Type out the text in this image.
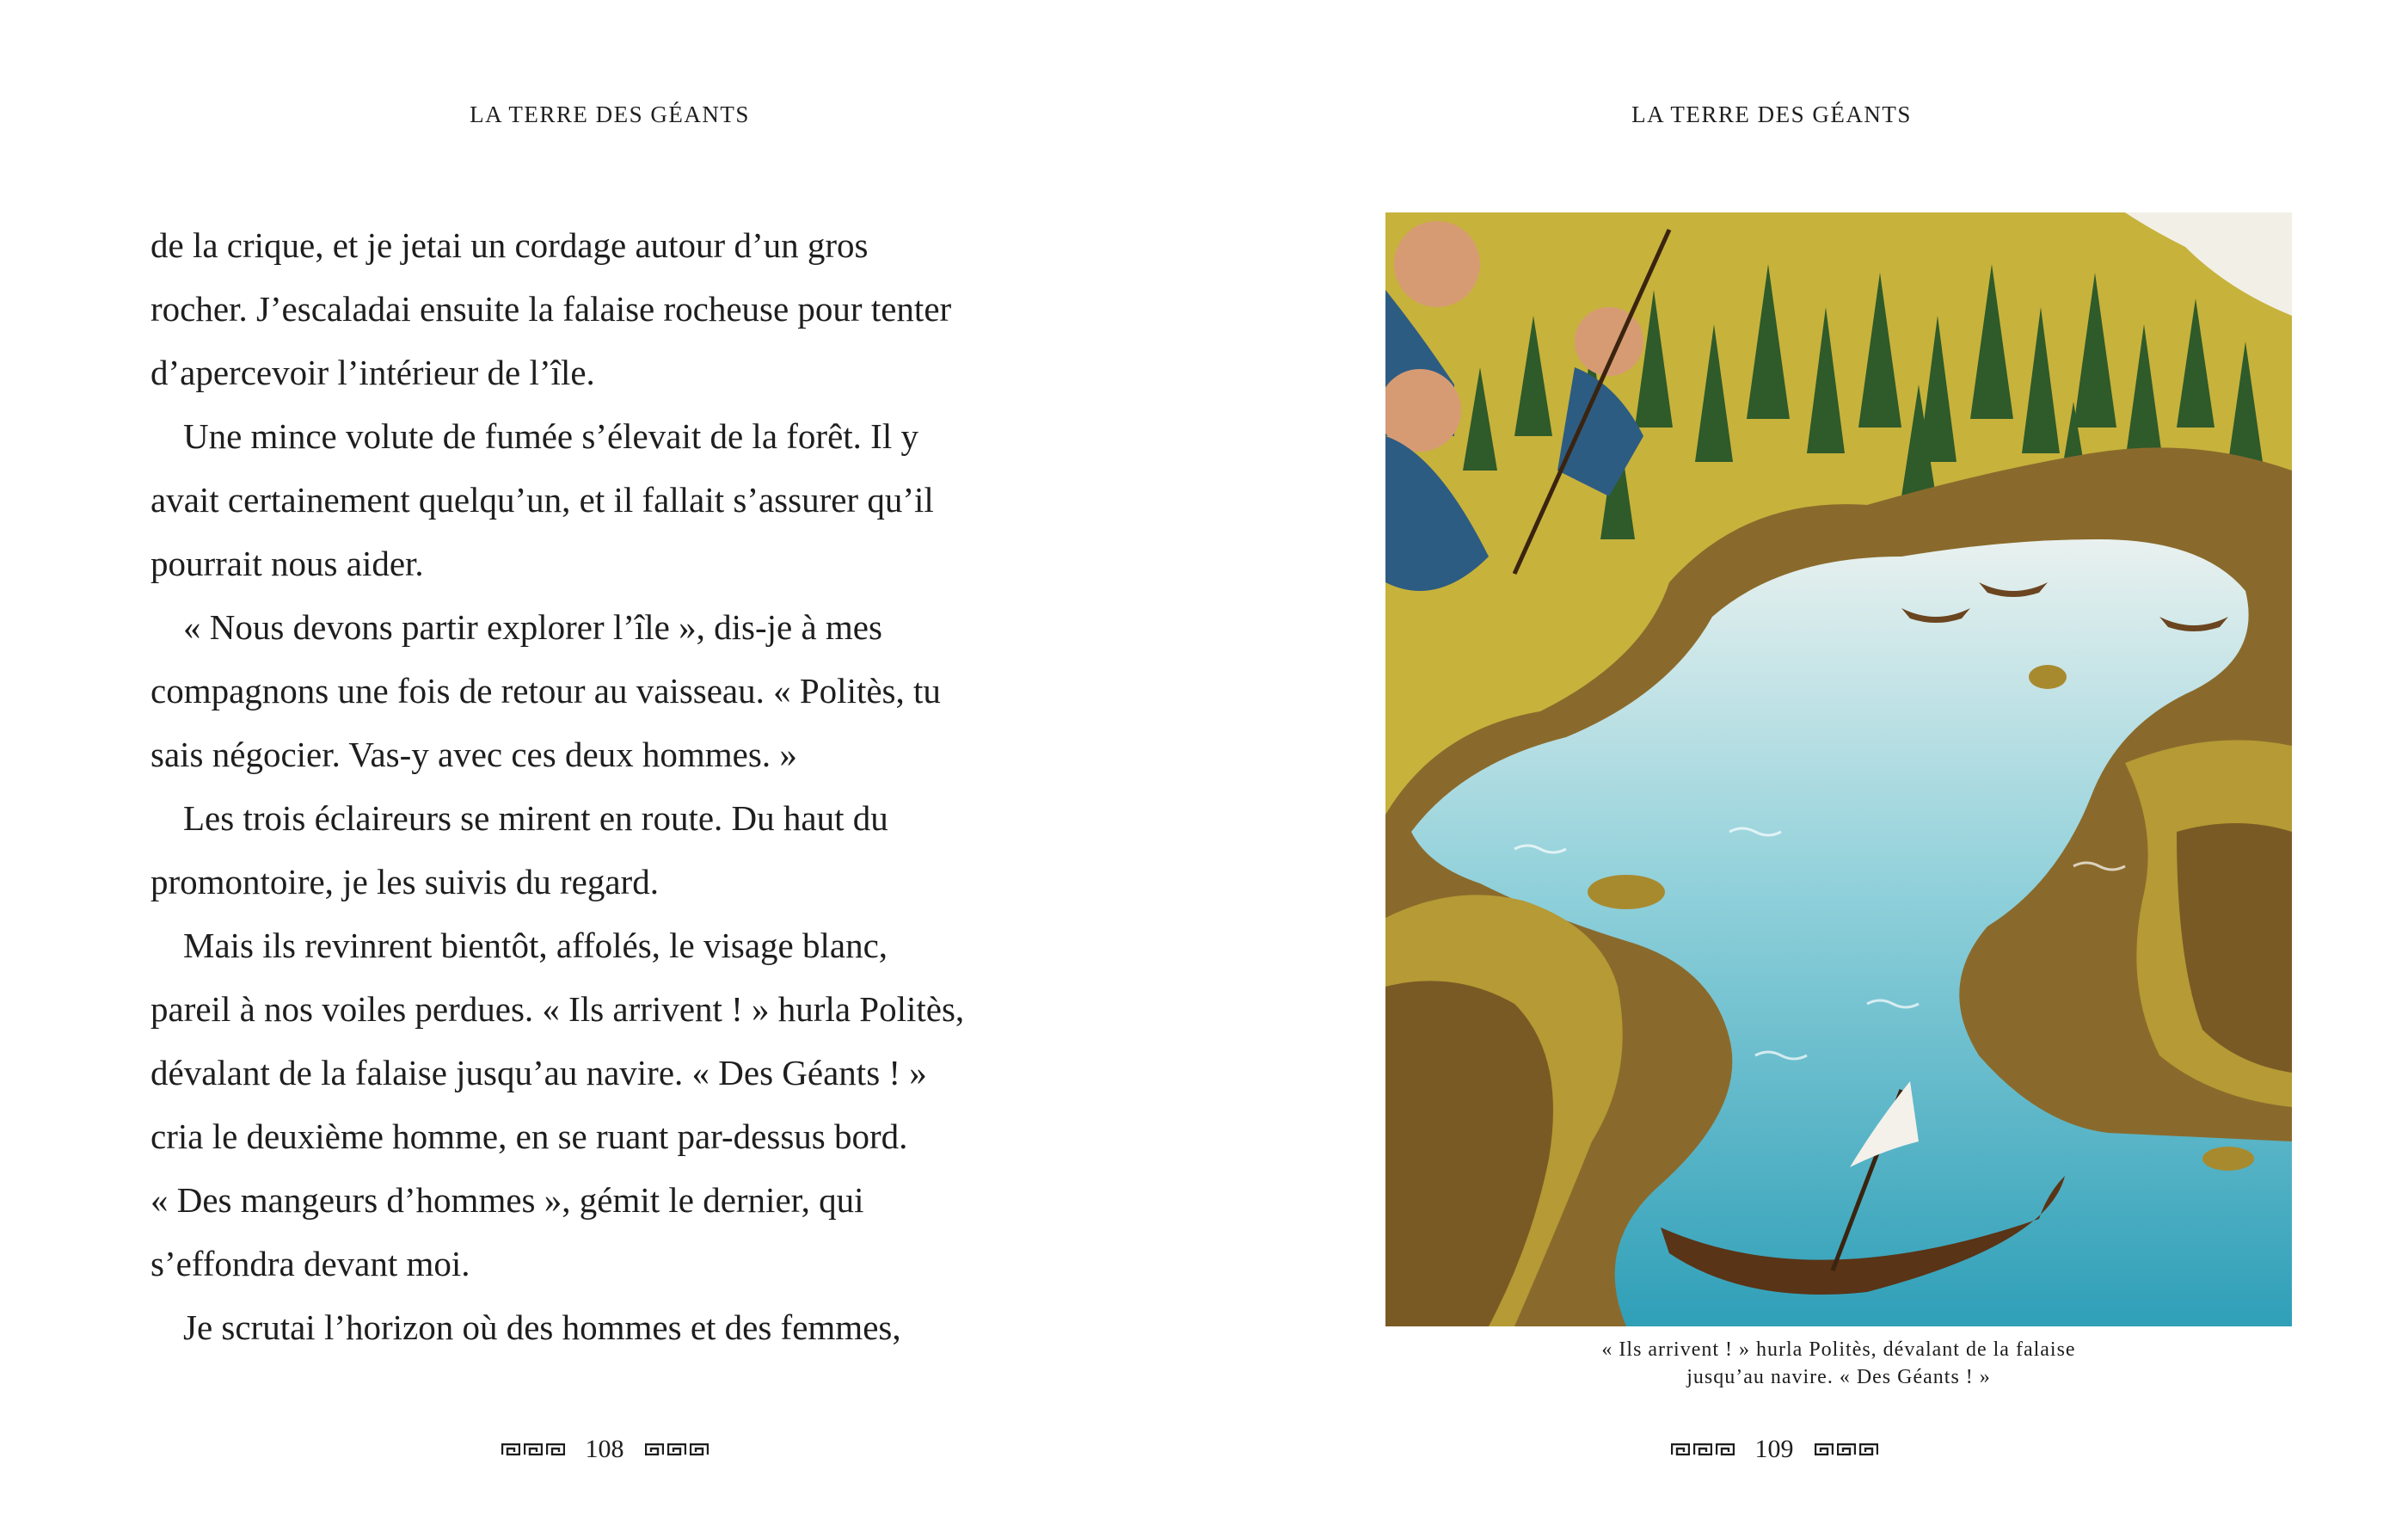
LA TERRE DES GÉANTS

de la crique, et je jetai un cordage autour d’un gros

rocher. J’escaladai ensuite la falaise rocheuse pour tenter

d’apercevoir l’intérieur de l’île.

Une mince volute de fumée s’élevait de la forêt. Il y

avait certainement quelqu’un, et il fallait s’assurer qu’il

pourrait nous aider.

« Nous devons partir explorer l’île », dis-je à mes

compagnons une fois de retour au vaisseau. « Politès, tu

sais négocier. Vas-y avec ces deux hommes. »

Les trois éclaireurs se mirent en route. Du haut du

promontoire, je les suivis du regard.

Mais ils revinrent bientôt, affolés, le visage blanc,

pareil à nos voiles perdues. « Ils arrivent ! » hurla Politès,

dévalant de la falaise jusqu’au navire. « Des Géants ! »

cria le deuxième homme, en se ruant par-dessus bord.

« Des mangeurs d’hommes », gémit le dernier, qui

s’effondra devant moi.

Je scrutai l’horizon où des hommes et des femmes,

108
LA TERRE DES GÉANTS
« Ils arrivent ! » hurla Politès, dévalant de la falaise
jusqu’au navire. « Des Géants ! »
109
